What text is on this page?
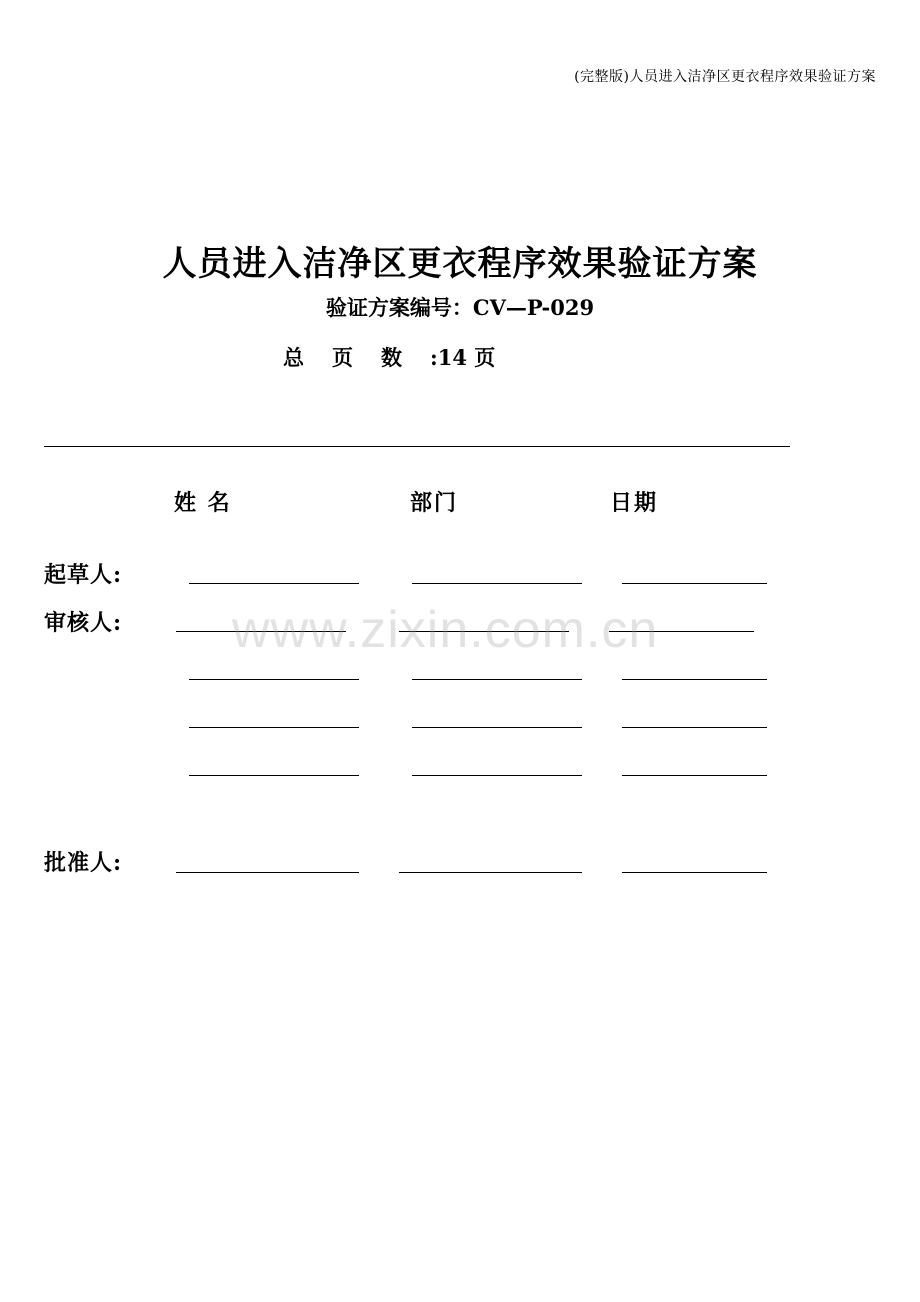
(完整版)人员进入洁净区更衣程序效果验证方案
人员进入洁净区更衣程序效果验证方案
验证方案编号：CV—P-029
总 页 数 :14 页
姓 名	部门	日期
起草人:
审核人:
批准人:
www.zixin.com.cn
